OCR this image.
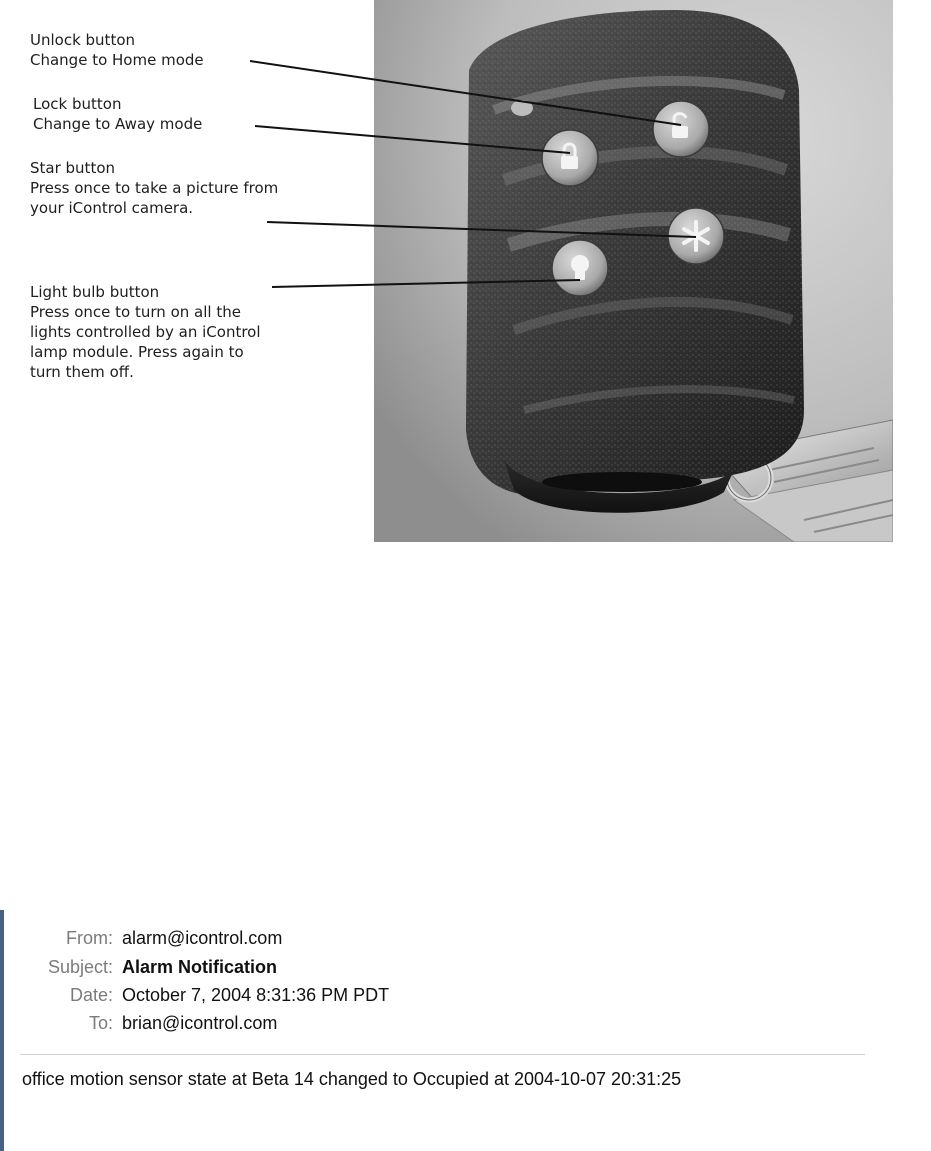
Unlock button
Change to Home mode
Lock button
Change to Away mode
Star button
Press once to take a picture from
your iControl camera.
Light bulb button
Press once to turn on all the
lights controlled by an iControl
lamp module. Press again to
turn them off.
From: alarm@icontrol.com
Subject: Alarm Notification
Date: October 7, 2004 8:31:36 PM PDT
To: brian@icontrol.com
office motion sensor state at Beta 14 changed to Occupied at 2004-10-07 20:31:25
